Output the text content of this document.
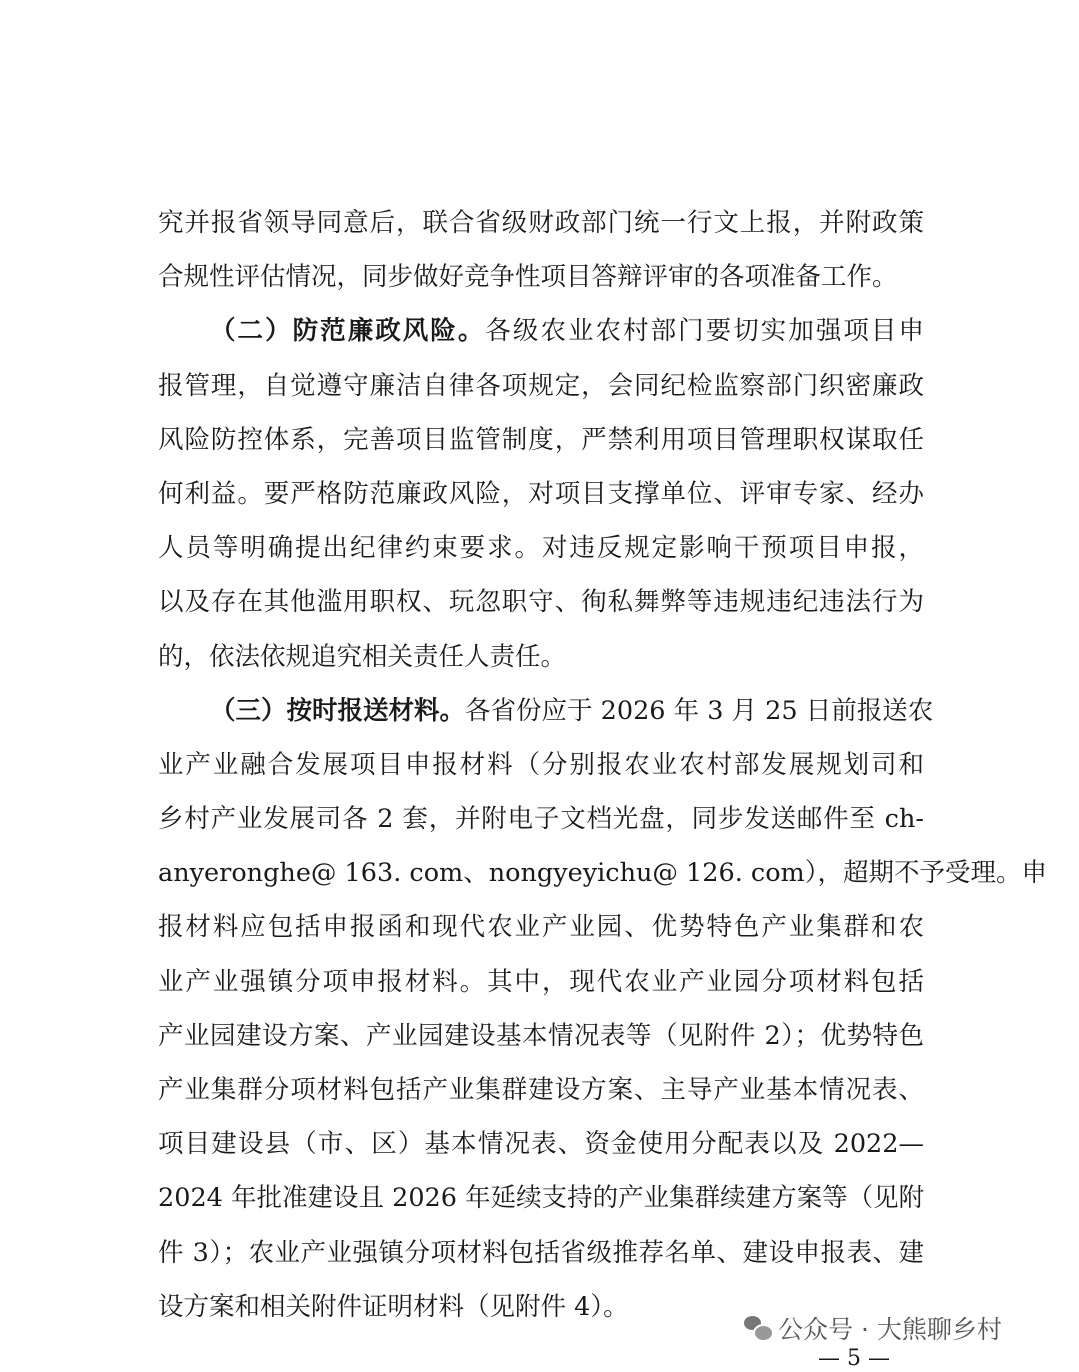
究并报省领导同意后，联合省级财政部门统一行文上报，并附政策
合规性评估情况，同步做好竞争性项目答辩评审的各项准备工作。
（二）防范廉政风险。各级农业农村部门要切实加强项目申
报管理，自觉遵守廉洁自律各项规定，会同纪检监察部门织密廉政
风险防控体系，完善项目监管制度，严禁利用项目管理职权谋取任
何利益。要严格防范廉政风险，对项目支撑单位、评审专家、经办
人员等明确提出纪律约束要求。对违反规定影响干预项目申报，
以及存在其他滥用职权、玩忽职守、徇私舞弊等违规违纪违法行为
的，依法依规追究相关责任人责任。
（三）按时报送材料。各省份应于 2026 年 3 月 25 日前报送农
业产业融合发展项目申报材料（分别报农业农村部发展规划司和
乡村产业发展司各 2 套，并附电子文档光盘，同步发送邮件至 ch-
anyeronghe@ 163. com、nongyeyichu@ 126. com），超期不予受理。申
报材料应包括申报函和现代农业产业园、优势特色产业集群和农
业产业强镇分项申报材料。其中，现代农业产业园分项材料包括
产业园建设方案、产业园建设基本情况表等（见附件 2）；优势特色
产业集群分项材料包括产业集群建设方案、主导产业基本情况表、
项目建设县（市、区）基本情况表、资金使用分配表以及 2022—
2024 年批准建设且 2026 年延续支持的产业集群续建方案等（见附
件 3）；农业产业强镇分项材料包括省级推荐名单、建设申报表、建
设方案和相关附件证明材料（见附件 4）。
公众号 · 大熊聊乡村
— 5 —
